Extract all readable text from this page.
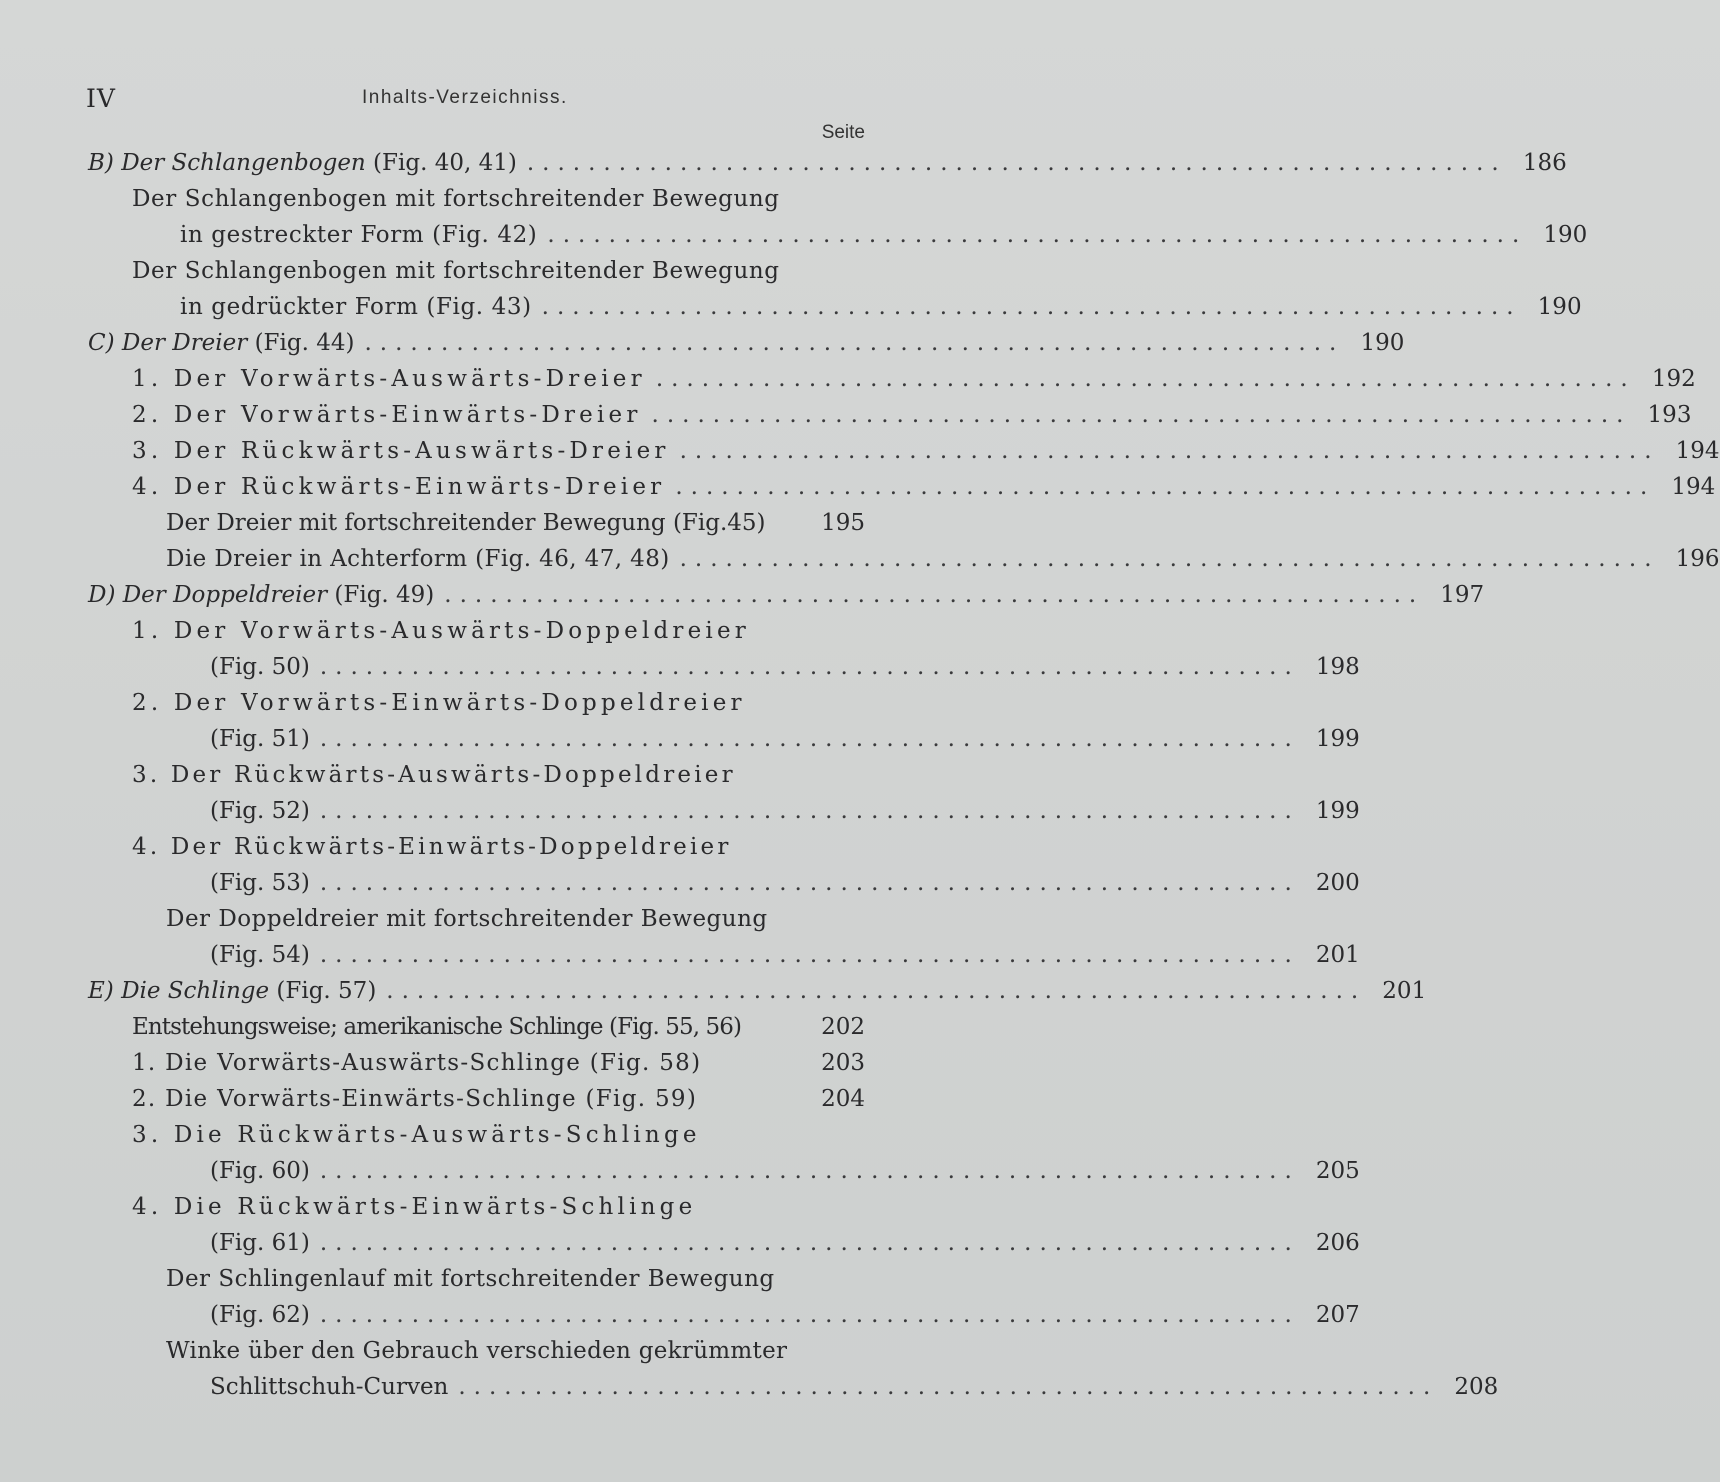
IV	Inhalts-Verzeichniss.
Seite
B) Der Schlangenbogen (Fig. 40, 41) ................................................................ 186
Der Schlangenbogen mit fortschreitender Bewegung
in gestreckter Form (Fig. 42) ................................................................ 190
Der Schlangenbogen mit fortschreitender Bewegung
in gedrückter Form (Fig. 43) ................................................................ 190
C) Der Dreier (Fig. 44) ................................................................ 190
1. Der Vorwärts-Auswärts-Dreier ................................................................ 192
2. Der Vorwärts-Einwärts-Dreier ................................................................ 193
3. Der Rückwärts-Auswärts-Dreier ................................................................ 194
4. Der Rückwärts-Einwärts-Dreier ................................................................ 194
Der Dreier mit fortschreitender Bewegung (Fig.45)	195
Die Dreier in Achterform (Fig. 46, 47, 48) ................................................................ 196
D) Der Doppeldreier (Fig. 49) ................................................................ 197
1. Der Vorwärts-Auswärts-Doppeldreier
(Fig. 50) ................................................................ 198
2. Der Vorwärts-Einwärts-Doppeldreier
(Fig. 51) ................................................................ 199
3. Der Rückwärts-Auswärts-Doppeldreier
(Fig. 52) ................................................................ 199
4. Der Rückwärts-Einwärts-Doppeldreier
(Fig. 53) ................................................................ 200
Der Doppeldreier mit fortschreitender Bewegung
(Fig. 54) ................................................................ 201
E) Die Schlinge (Fig. 57) ................................................................ 201
Entstehungsweise; amerikanische Schlinge (Fig. 55, 56)	202
1. Die Vorwärts-Auswärts-Schlinge (Fig. 58)	203
2. Die Vorwärts-Einwärts-Schlinge (Fig. 59)	204
3. Die Rückwärts-Auswärts-Schlinge
(Fig. 60) ................................................................ 205
4. Die Rückwärts-Einwärts-Schlinge
(Fig. 61) ................................................................ 206
Der Schlingenlauf mit fortschreitender Bewegung
(Fig. 62) ................................................................ 207
Winke über den Gebrauch verschieden gekrümmter
Schlittschuh-Curven ................................................................ 208
